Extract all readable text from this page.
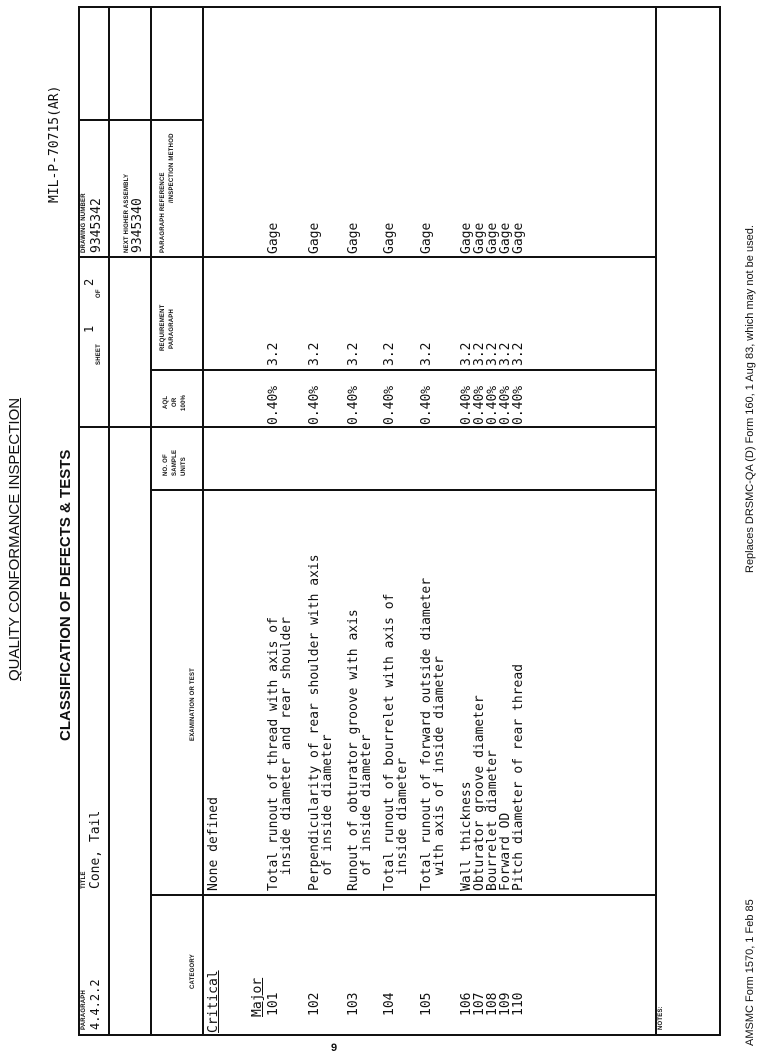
QUALITY CONFORMANCE INSPECTION CLASSIFICATION OF DEFECTS & TESTS
MIL-P-70715(AR)
PARAGRAPH
TITLE
SHEET
OF
DRAWING NUMBER	NEXT HIGHER ASSEMBLY
4.4.2.2
Cone, Tail
1
2
9345342 9345340
CATEGORY
EXAMINATION OR TEST
NO. OF SAMPLE UNITS
AQL OR 100%
REQUIREMENT PARAGRAPH
PARAGRAPH REFERENCE
/INSPECTION METHOD
Critical
None defined
Major 101
Total runout of thread with axis of
inside diameter and rear shoulder
0.40%
3.2
Gage
102
Perpendicularity of rear shoulder with axis
of inside diameter
0.40%
3.2
Gage
103
Runout of obturator groove with axis
of inside diameter
0.40%
3.2
Gage
104
Total runout of bourrelet with axis of
inside diameter
0.40%
3.2
Gage
105
Total runout of forward outside diameter
with axis of inside diameter
0.40%
3.2
Gage
106
Wall thickness
0.40%
3.2
Gage
107
Obturator groove diameter
0.40%
3.2
Gage
108
Bourrelet diameter
0.40%
3.2
Gage
109
Forward OD
0.40%
3.2
Gage
110
Pitch diameter of rear thread
0.40%
3.2
Gage
NOTES:	AMSMC Form 1570, 1 Feb 85
Replaces DRSMC-QA (D) Form 160, 1 Aug 83, which may not be used.
9
